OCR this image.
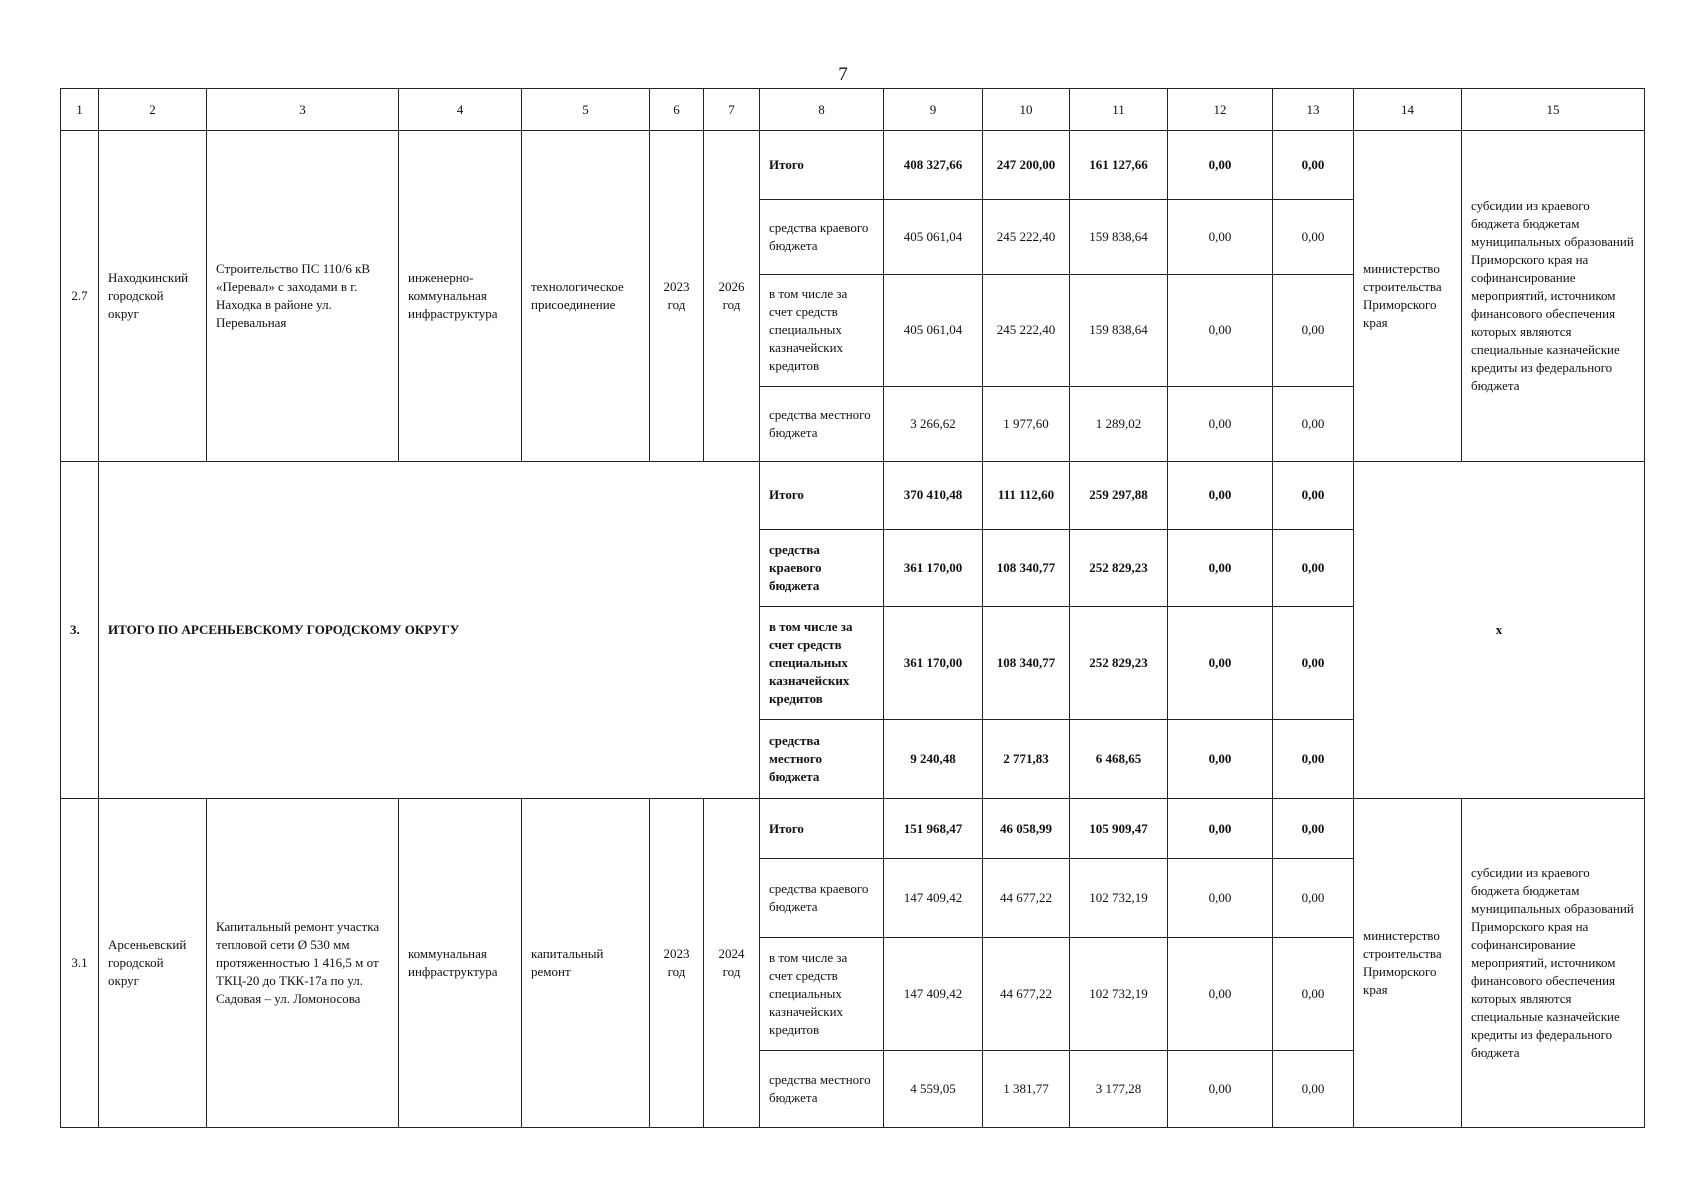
7
1	2	3	4	5	6	7	8	9	10	11	12	13	14	15
2.7	Находкинский городской округ	Строительство ПС 110/6 кВ «Перевал» с заходами в г. Находка в районе ул. Перевальная	инженерно-коммунальная инфраструктура	технологическое присоединение	2023 год	2026 год	Итого	408 327,66	247 200,00	161 127,66	0,00	0,00	министерство строительства Приморского края	субсидии из краевого бюджета бюджетам муниципальных образований Приморского края на софинансирование мероприятий, источником финансового обеспечения которых являются специальные казначейские кредиты из федерального бюджета
							средства краевого бюджета	405 061,04	245 222,40	159 838,64	0,00	0,00		
							в том числе за счет средств специальных казначейских кредитов	405 061,04	245 222,40	159 838,64	0,00	0,00		
							средства местного бюджета	3 266,62	1 977,60	1 289,02	0,00	0,00		
3.	ИТОГО ПО АРСЕНЬЕВСКОМУ ГОРОДСКОМУ ОКРУГУ						Итого	370 410,48	111 112,60	259 297,88	0,00	0,00	x	
							средства краевого бюджета	361 170,00	108 340,77	252 829,23	0,00	0,00		
							в том числе за счет средств специальных казначейских кредитов	361 170,00	108 340,77	252 829,23	0,00	0,00		
							средства местного бюджета	9 240,48	2 771,83	6 468,65	0,00	0,00		
3.1	Арсеньевский городской округ	Капитальный ремонт участка тепловой сети Ø 530 мм протяженностью 1 416,5 м от ТКЦ-20 до ТКК-17а по ул. Садовая – ул. Ломоносова	коммунальная инфраструктура	капитальный ремонт	2023 год	2024 год	Итого	151 968,47	46 058,99	105 909,47	0,00	0,00	министерство строительства Приморского края	субсидии из краевого бюджета бюджетам муниципальных образований Приморского края на софинансирование мероприятий, источником финансового обеспечения которых являются специальные казначейские кредиты из федерального бюджета
							средства краевого бюджета	147 409,42	44 677,22	102 732,19	0,00	0,00		
							в том числе за счет средств специальных казначейских кредитов	147 409,42	44 677,22	102 732,19	0,00	0,00		
							средства местного бюджета	4 559,05	1 381,77	3 177,28	0,00	0,00		
